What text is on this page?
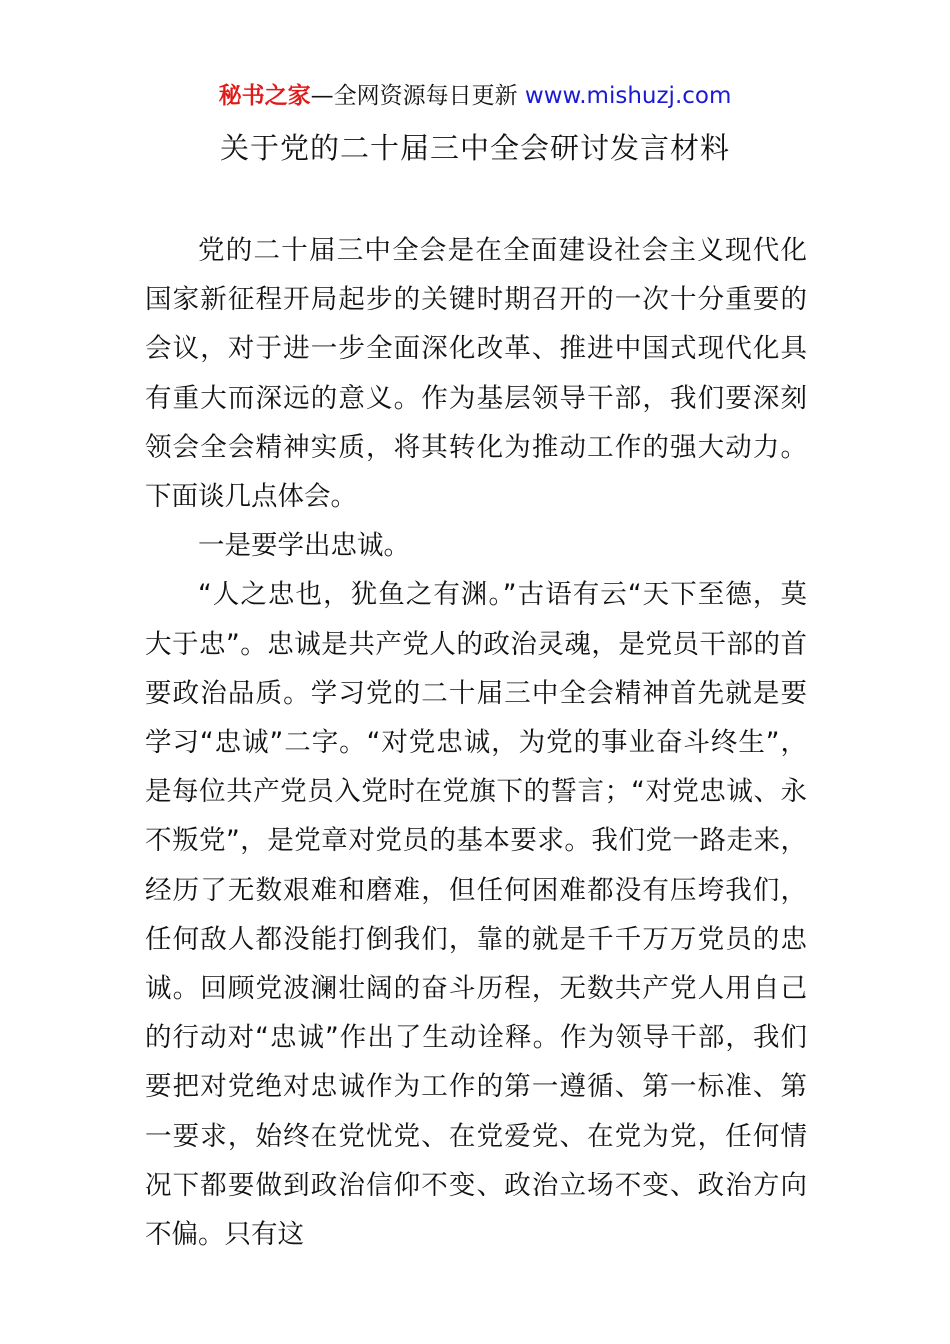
秘书之家—全网资源每日更新 www.mishuzj.com
关于党的二十届三中全会研讨发言材料

党的二十届三中全会是在全面建设社会主义现代化国家新征程开局起步的关键时期召开的一次十分重要的会议，对于进一步全面深化改革、推进中国式现代化具有重大而深远的意义。作为基层领导干部，我们要深刻领会全会精神实质，将其转化为推动工作的强大动力。下面谈几点体会。

一是要学出忠诚。

“人之忠也，犹鱼之有渊。”古语有云“天下至德，莫大于忠”。忠诚是共产党人的政治灵魂，是党员干部的首要政治品质。学习党的二十届三中全会精神首先就是要学习“忠诚”二字。“对党忠诚，为党的事业奋斗终生”，是每位共产党员入党时在党旗下的誓言；“对党忠诚、永不叛党”，是党章对党员的基本要求。我们党一路走来，经历了无数艰难和磨难，但任何困难都没有压垮我们，任何敌人都没能打倒我们，靠的就是千千万万党员的忠诚。回顾党波澜壮阔的奋斗历程，无数共产党人用自己的行动对“忠诚”作出了生动诠释。作为领导干部，我们要把对党绝对忠诚作为工作的第一遵循、第一标准、第一要求，始终在党忧党、在党爱党、在党为党，任何情况下都要做到政治信仰不变、政治立场不变、政治方向不偏。只有这
